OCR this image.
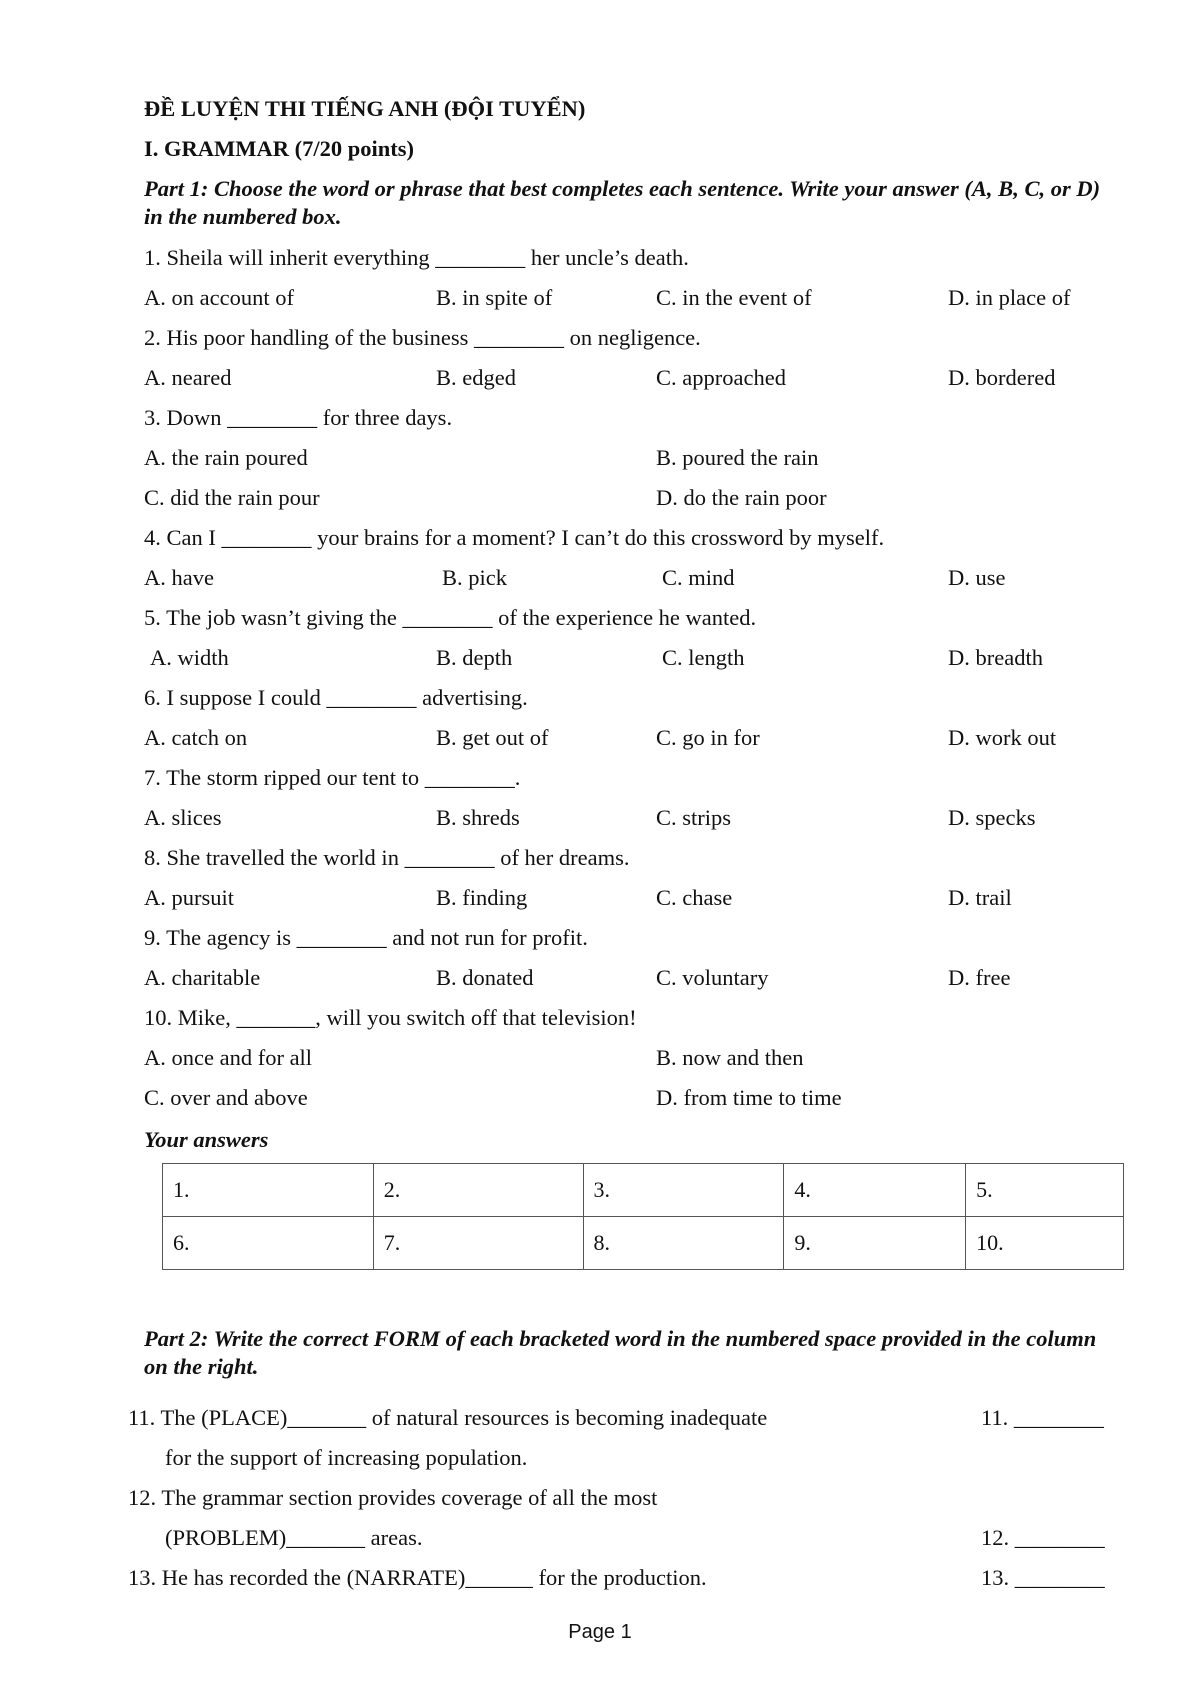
ĐỀ LUYỆN THI TIẾNG ANH (ĐỘI TUYỂN)
I. GRAMMAR (7/20 points)
Part 1: Choose the word or phrase that best completes each sentence. Write your answer (A, B, C, or D) in the numbered box.
1. Sheila will inherit everything ________ her uncle’s death.
A. on account of	B. in spite of	C. in the event of	D. in place of
2. His poor handling of the business ________ on negligence.
A. neared	B. edged	C. approached	D. bordered
3. Down ________ for three days.
A. the rain poured	B. poured the rain
C. did the rain pour	D. do the rain poor
4. Can I ________ your brains for a moment? I can’t do this crossword by myself.
A. have	B. pick	C. mind	D. use
5. The job wasn’t giving the ________ of the experience he wanted.
A. width	B. depth	C. length	D. breadth
6. I suppose I could ________ advertising.
A. catch on	B. get out of	C. go in for	D. work out
7. The storm ripped our tent to ________.
A. slices	B. shreds	C. strips	D. specks
8. She travelled the world in ________ of her dreams.
A. pursuit	B. finding	C. chase	D. trail
9. The agency is ________ and not run for profit.
A. charitable	B. donated	C. voluntary	D. free
10. Mike, _______, will you switch off that television!
A. once and for all	B. now and then
C. over and above	D. from time to time
Your answers
1.	2.	3.	4.	5.
6.	7.	8.	9.	10.
Part 2: Write the correct FORM of each bracketed word in the numbered space provided in the column on the right.
11. The (PLACE)_______ of natural resources is becoming inadequate	11. ________
for the support of increasing population.
12. The grammar section provides coverage of all the most
(PROBLEM)_______ areas.	12. ________
13. He has recorded the (NARRATE)______ for the production.	13. ________
Page 1
